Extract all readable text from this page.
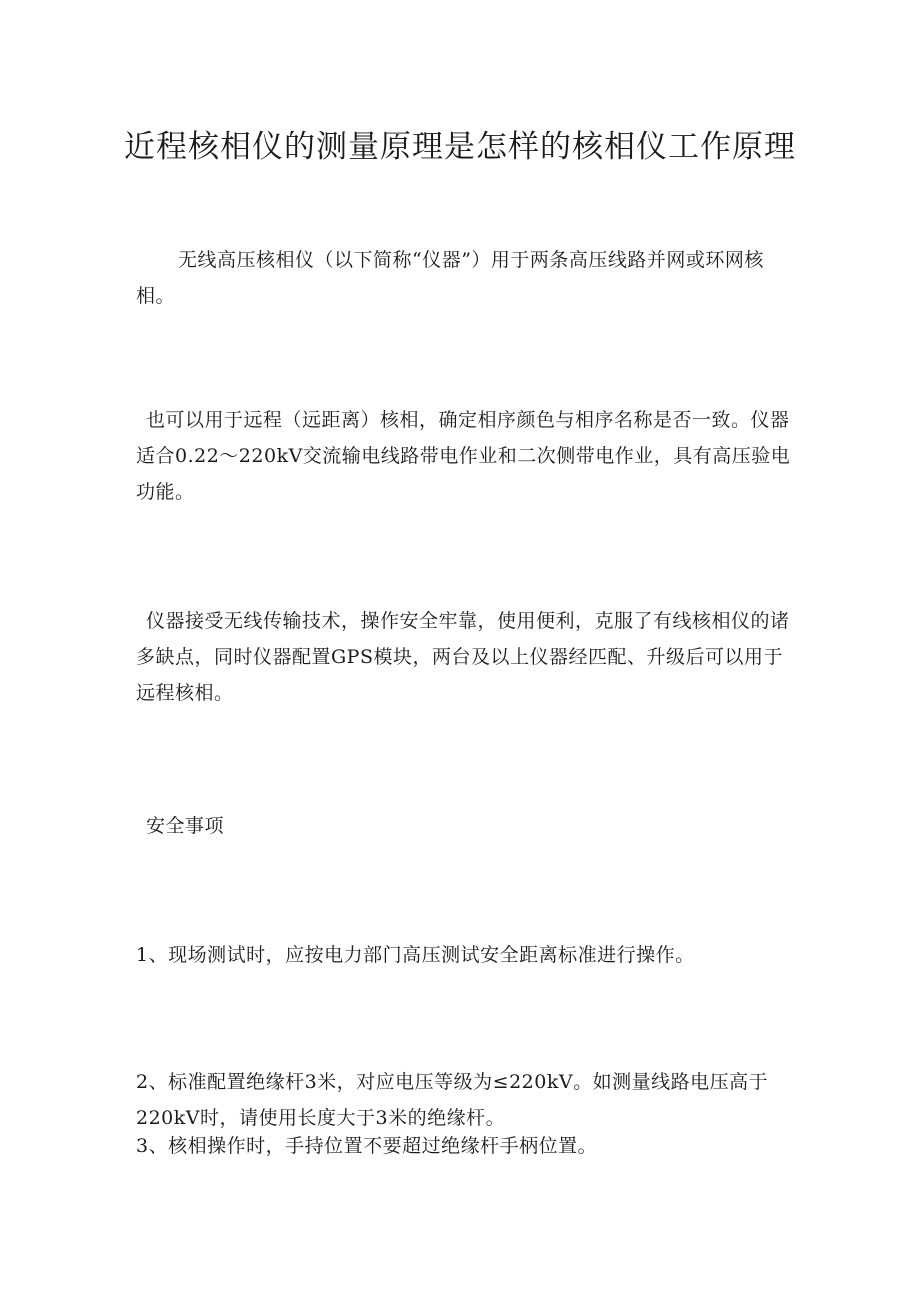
近程核相仪的测量原理是怎样的核相仪工作原理

无线高压核相仪（以下简称“仪器”）用于两条高压线路并网或环网核相。

也可以用于远程（远距离）核相，确定相序颜色与相序名称是否一致。仪器适合0.22～220kV交流输电线路带电作业和二次侧带电作业，具有高压验电功能。

仪器接受无线传输技术，操作安全牢靠，使用便利，克服了有线核相仪的诸多缺点，同时仪器配置GPS模块，两台及以上仪器经匹配、升级后可以用于远程核相。

安全事项

1、现场测试时，应按电力部门高压测试安全距离标准进行操作。

2、标准配置绝缘杆3米，对应电压等级为≤220kV。如测量线路电压高于220kV时，请使用长度大于3米的绝缘杆。

3、核相操作时，手持位置不要超过绝缘杆手柄位置。
